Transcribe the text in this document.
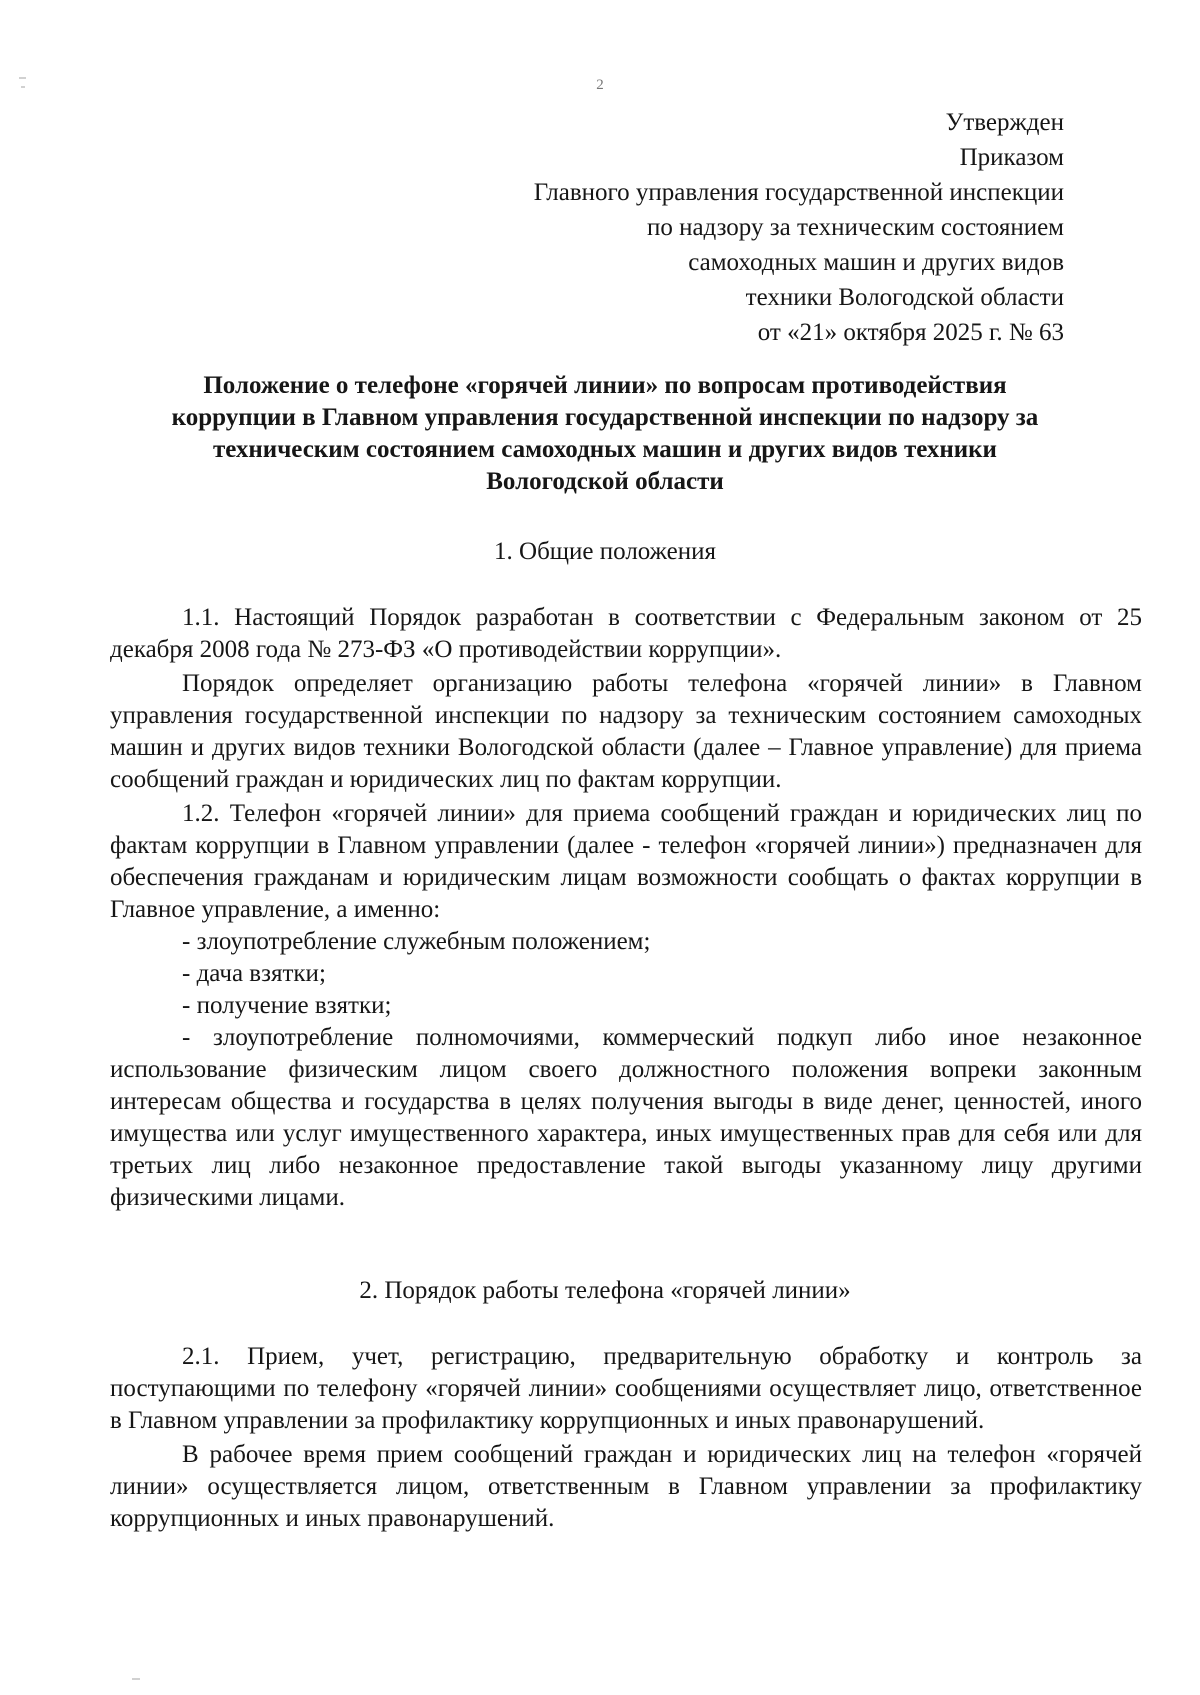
2
Утвержден
Приказом
Главного управления государственной инспекции
по надзору за техническим состоянием
самоходных машин и других видов
техники Вологодской области
от «21» октября 2025 г. № 63
Положение о телефоне «горячей линии» по вопросам противодействия
коррупции в Главном управления государственной инспекции по надзору за
техническим состоянием самоходных машин и других видов техники
Вологодской области
1. Общие положения

1.1. Настоящий Порядок разработан в соответствии с Федеральным законом от 25 декабря 2008 года № 273-ФЗ «О противодействии коррупции».

Порядок определяет организацию работы телефона «горячей линии» в Главном управления государственной инспекции по надзору за техническим состоянием самоходных машин и других видов техники Вологодской области (далее – Главное управление) для приема сообщений граждан и юридических лиц по фактам коррупции.

1.2. Телефон «горячей линии» для приема сообщений граждан и юридических лиц по фактам коррупции в Главном управлении (далее - телефон «горячей линии») предназначен для обеспечения гражданам и юридическим лицам возможности сообщать о фактах коррупции в Главное управление, а именно:

- злоупотребление служебным положением;

- дача взятки;

- получение взятки;

- злоупотребление полномочиями, коммерческий подкуп либо иное незаконное использование физическим лицом своего должностного положения вопреки законным интересам общества и государства в целях получения выгоды в виде денег, ценностей, иного имущества или услуг имущественного характера, иных имущественных прав для себя или для третьих лиц либо незаконное предоставление такой выгоды указанному лицу другими физическими лицами.

2. Порядок работы телефона «горячей линии»

2.1. Прием, учет, регистрацию, предварительную обработку и контроль за поступающими по телефону «горячей линии» сообщениями осуществляет лицо, ответственное в Главном управлении за профилактику коррупционных и иных правонарушений.

В рабочее время прием сообщений граждан и юридических лиц на телефон «горячей линии» осуществляется лицом, ответственным в Главном управлении за профилактику коррупционных и иных правонарушений.
